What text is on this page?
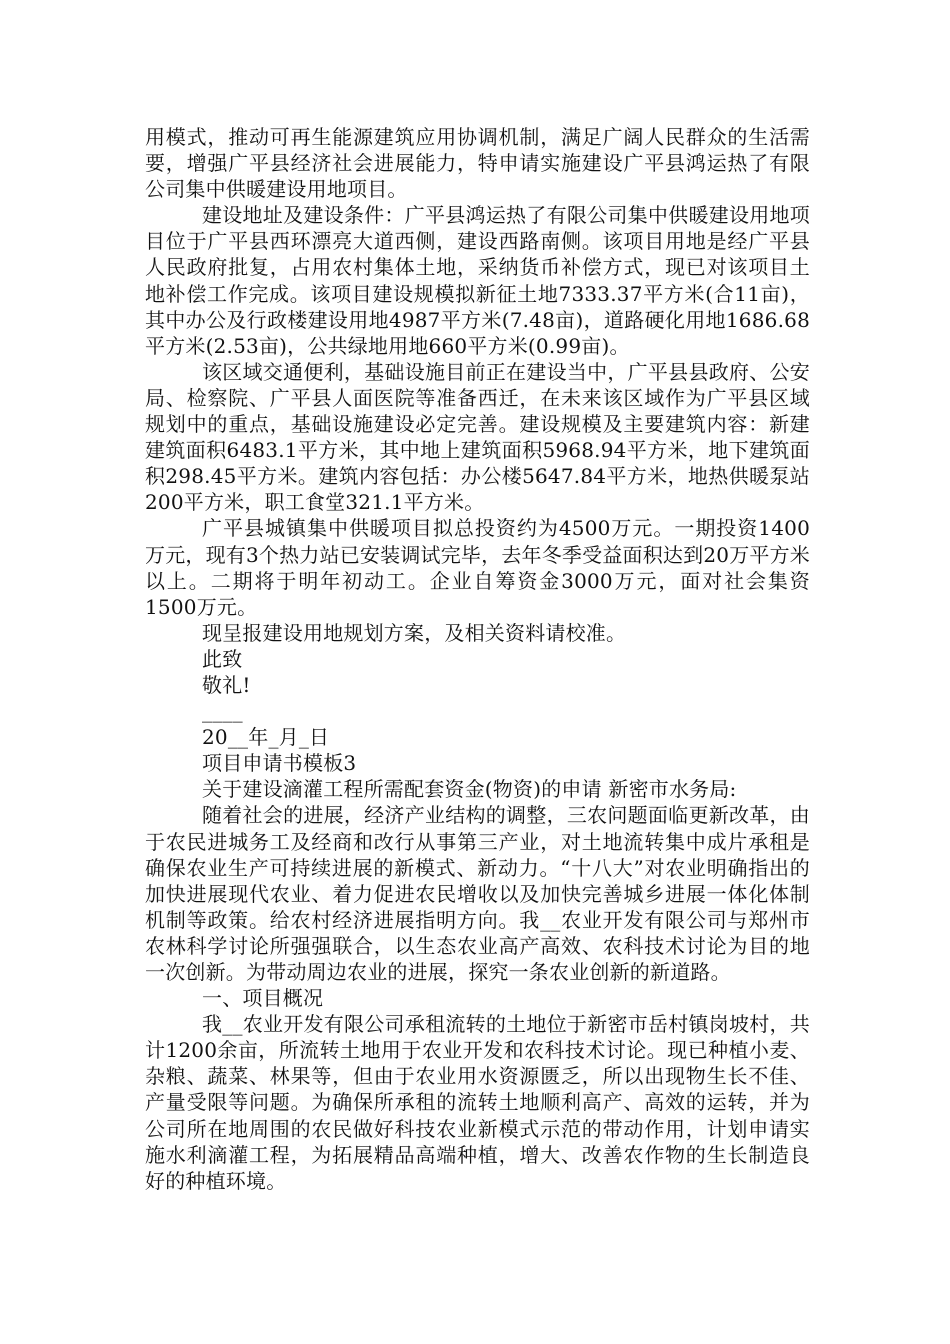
用模式，推动可再生能源建筑应用协调机制，满足广阔人民群众的生活需要，增强广平县经济社会进展能力，特申请实施建设广平县鸿运热了有限公司集中供暖建设用地项目。

建设地址及建设条件：广平县鸿运热了有限公司集中供暖建设用地项目位于广平县西环漂亮大道西侧，建设西路南侧。该项目用地是经广平县人民政府批复，占用农村集体土地，采纳货币补偿方式，现已对该项目土地补偿工作完成。该项目建设规模拟新征土地7333.37平方米(合11亩)，其中办公及行政楼建设用地4987平方米(7.48亩)，道路硬化用地1686.68平方米(2.53亩)，公共绿地用地660平方米(0.99亩)。

该区域交通便利，基础设施目前正在建设当中，广平县县政府、公安局、检察院、广平县人面医院等准备西迁，在未来该区域作为广平县区域规划中的重点，基础设施建设必定完善。建设规模及主要建筑内容：新建建筑面积6483.1平方米，其中地上建筑面积5968.94平方米，地下建筑面积298.45平方米。建筑内容包括：办公楼5647.84平方米，地热供暖泵站200平方米，职工食堂321.1平方米。

广平县城镇集中供暖项目拟总投资约为4500万元。一期投资1400万元，现有3个热力站已安装调试完毕，去年冬季受益面积达到20万平方米以上。二期将于明年初动工。企业自筹资金3000万元，面对社会集资1500万元。

现呈报建设用地规划方案，及相关资料请校准。

此致

敬礼!

____

20__年_月_日

项目申请书模板3

关于建设滴灌工程所需配套资金(物资)的申请 新密市水务局:

随着社会的进展，经济产业结构的调整，三农问题面临更新改革，由于农民进城务工及经商和改行从事第三产业，对土地流转集中成片承租是确保农业生产可持续进展的新模式、新动力。“十八大”对农业明确指出的加快进展现代农业、着力促进农民增收以及加快完善城乡进展一体化体制机制等政策。给农村经济进展指明方向。我__农业开发有限公司与郑州市农林科学讨论所强强联合，以生态农业高产高效、农科技术讨论为目的地一次创新。为带动周边农业的进展，探究一条农业创新的新道路。

一、项目概况

我__农业开发有限公司承租流转的土地位于新密市岳村镇岗坡村，共计1200余亩，所流转土地用于农业开发和农科技术讨论。现已种植小麦、杂粮、蔬菜、林果等，但由于农业用水资源匮乏，所以出现物生长不佳、产量受限等问题。为确保所承租的流转土地顺利高产、高效的运转，并为公司所在地周围的农民做好科技农业新模式示范的带动作用，计划申请实施水利滴灌工程，为拓展精品高端种植，增大、改善农作物的生长制造良好的种植环境。
